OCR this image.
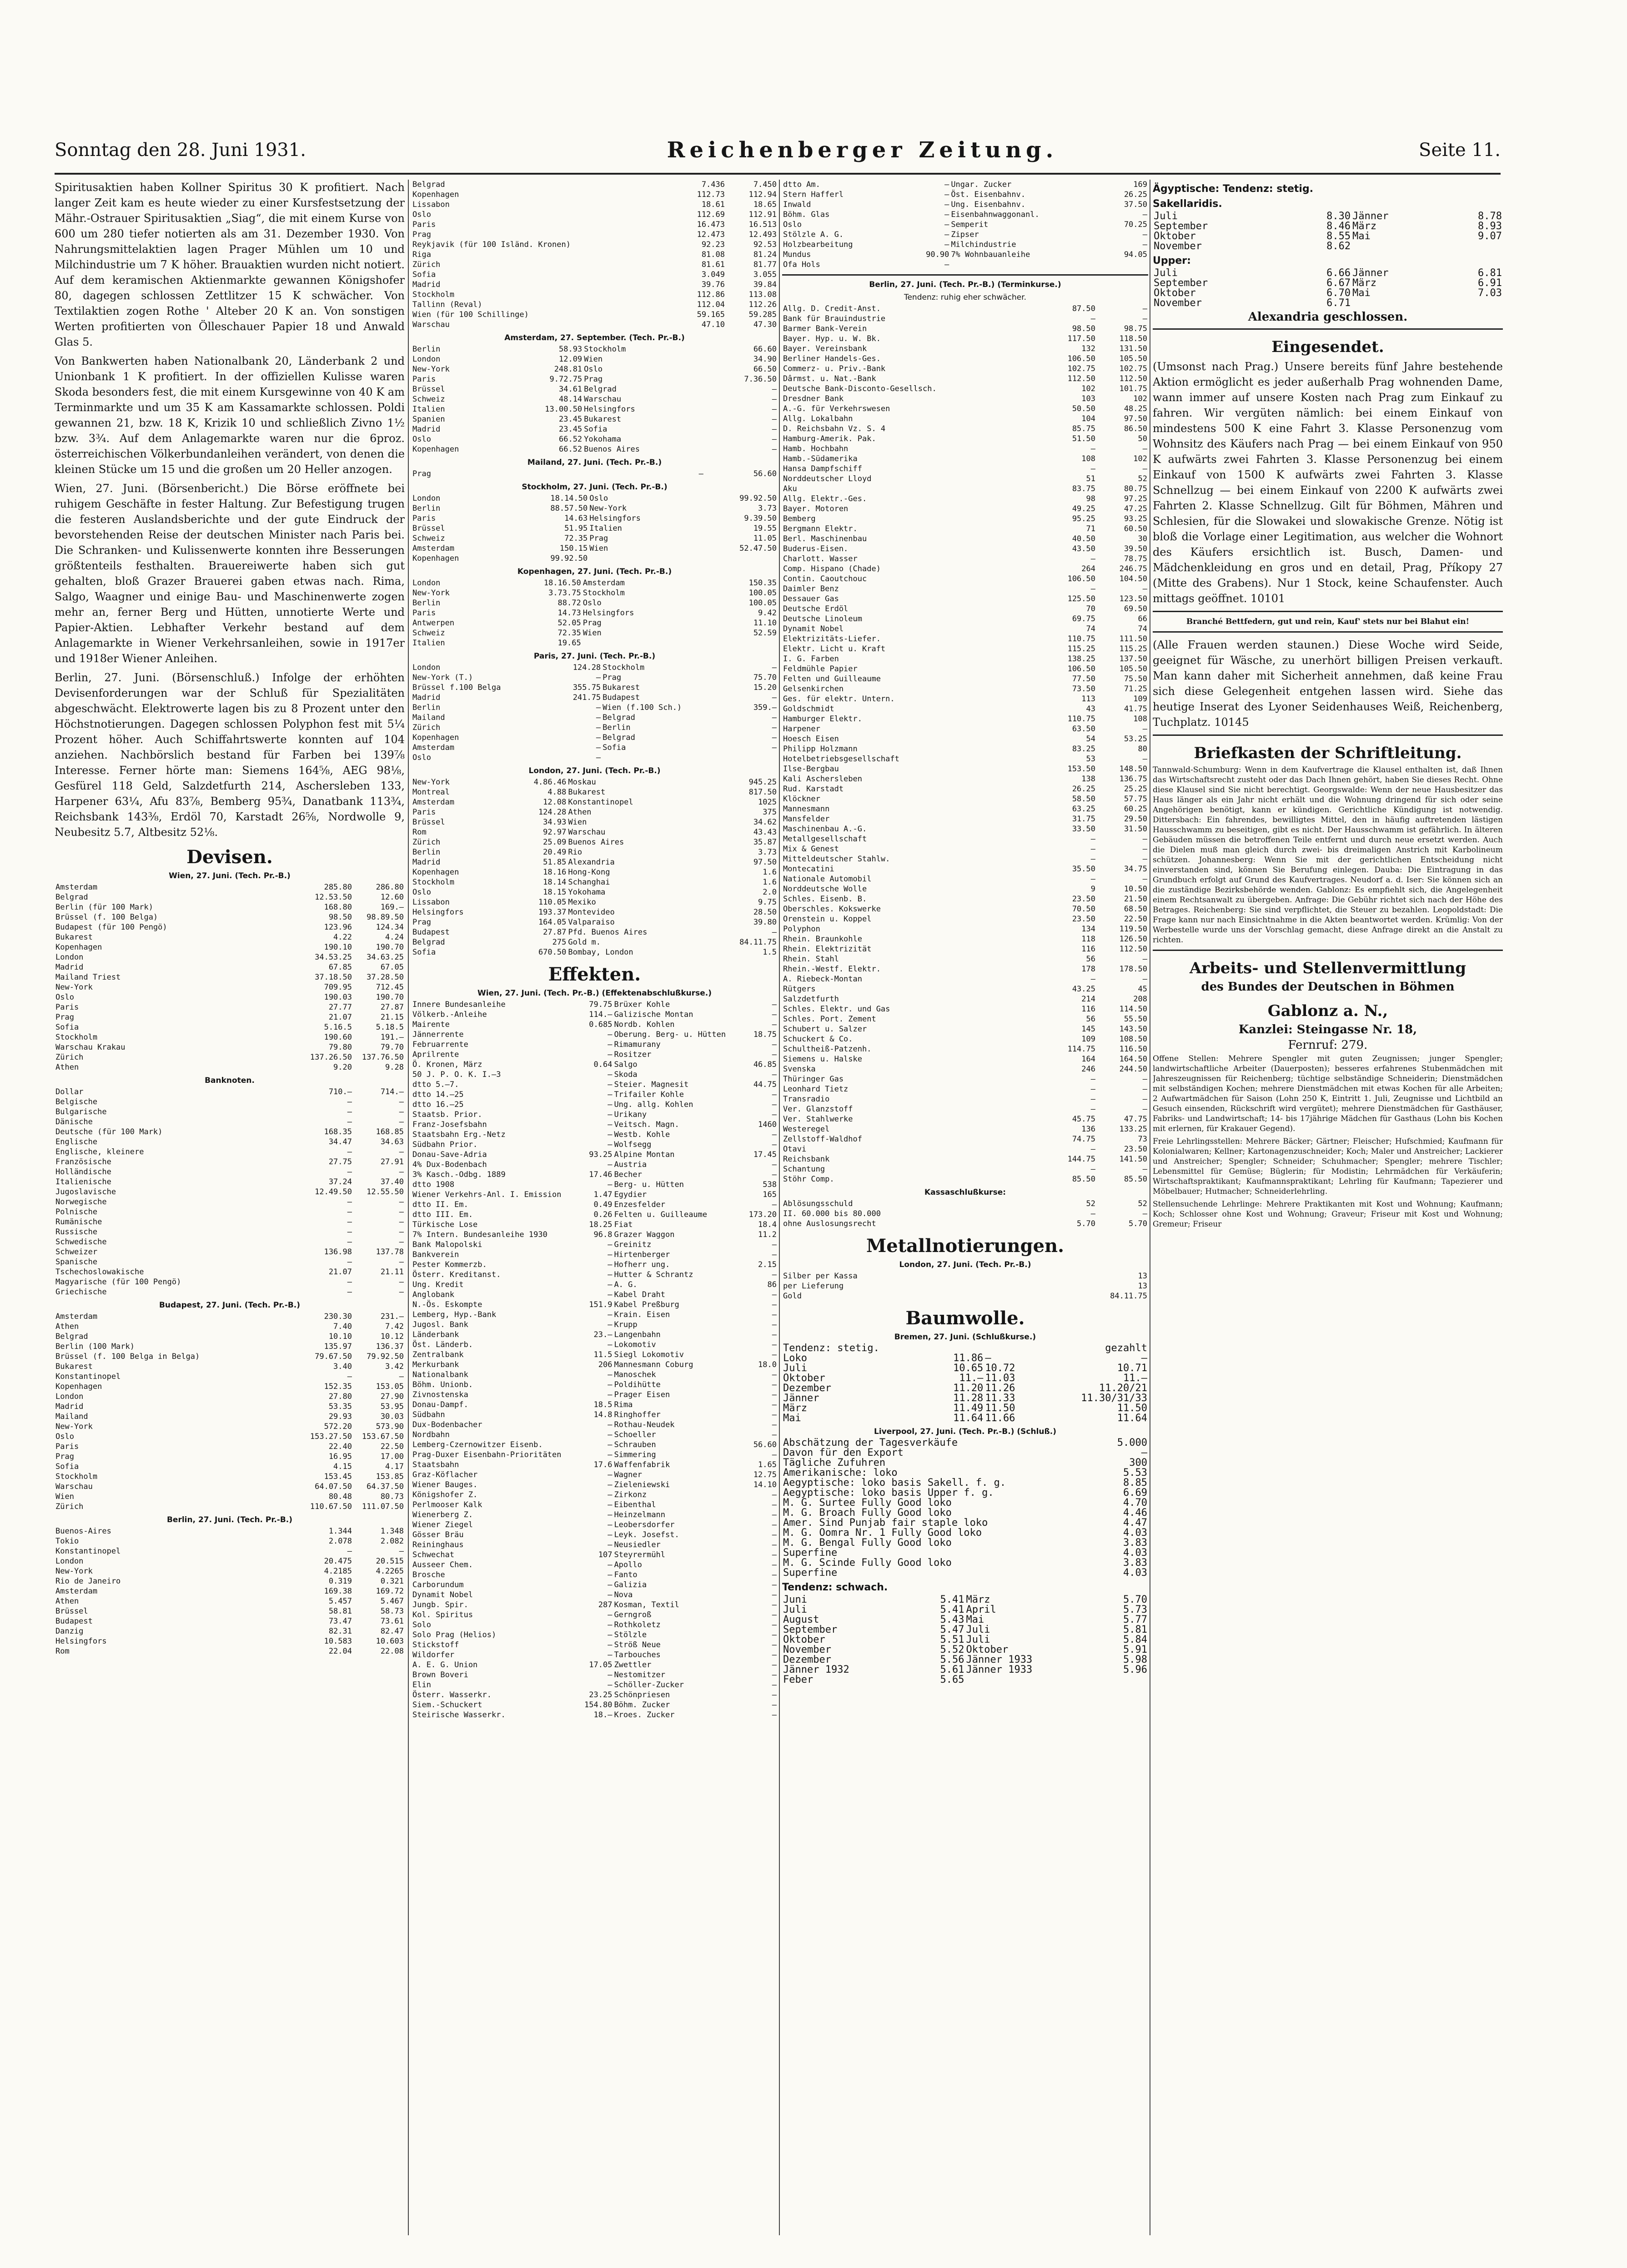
Sonntag den 28. Juni 1931.	Reichenberger Zeitung.	Seite 11.

Spiritusaktien haben Kollner Spiritus 30 K profitiert. Nach langer Zeit kam es heute wieder zu einer Kursfestsetzung der Mähr.-Ostrauer Spiritusaktien „Siag“, die mit einem Kurse von 600 um 280 tiefer notierten als am 31. Dezember 1930. Von Nahrungsmittelaktien lagen Prager Mühlen um 10 und Milchindustrie um 7 K höher. Brauaktien wurden nicht notiert. Auf dem keramischen Aktienmarkte gewannen Königshofer 80, dagegen schlossen Zettlitzer 15 K schwächer. Von Textilaktien zogen Rothe ' Alteber 20 K an. Von sonstigen Werten profitierten von Ölleschauer Papier 18 und Anwald Glas 5.

Von Bankwerten haben Nationalbank 20, Länderbank 2 und Unionbank 1 K profitiert. In der offiziellen Kulisse waren Skoda besonders fest, die mit einem Kursgewinne von 40 K am Terminmarkte und um 35 K am Kassamarkte schlossen. Poldi gewannen 21, bzw. 18 K, Krizik 10 und schließlich Zivno 1½ bzw. 3¾. Auf dem Anlagemarkte waren nur die 6proz. österreichischen Völkerbundanleihen verändert, von denen die kleinen Stücke um 15 und die großen um 20 Heller anzogen.

Wien, 27. Juni. (Börsenbericht.) Die Börse eröffnete bei ruhigem Geschäfte in fester Haltung. Zur Befestigung trugen die festeren Auslandsberichte und der gute Eindruck der bevorstehenden Reise der deutschen Minister nach Paris bei. Die Schranken- und Kulissenwerte konnten ihre Besserungen größtenteils festhalten. Brauereiwerte haben sich gut gehalten, bloß Grazer Brauerei gaben etwas nach. Rima, Salgo, Waagner und einige Bau- und Maschinenwerte zogen mehr an, ferner Berg und Hütten, unnotierte Werte und Papier-Aktien. Lebhafter Verkehr bestand auf dem Anlagemarkte in Wiener Verkehrsanleihen, sowie in 1917er und 1918er Wiener Anleihen.

Berlin, 27. Juni. (Börsenschluß.) Infolge der erhöhten Devisenforderungen war der Schluß für Spezialitäten abgeschwächt. Elektrowerte lagen bis zu 8 Prozent unter den Höchstnotierungen. Dagegen schlossen Polyphon fest mit 5¼ Prozent höher. Auch Schiffahrtswerte konnten auf 104 anziehen. Nachbörslich bestand für Farben bei 139⅞ Interesse. Ferner hörte man: Siemens 164⅝, AEG 98⅛, Gesfürel 118 Geld, Salzdetfurth 214, Aschersleben 133, Harpener 63¼, Afu 83⅞, Bemberg 95¾, Danatbank 113¾, Reichsbank 143⅜, Erdöl 70, Karstadt 26⅝, Nordwolle 9, Neubesitz 5.7, Altbesitz 52⅛.

Devisen.
Wien, 27. Juni. (Tech. Pr.-B.)
Amsterdam	285.80	286.80
Belgrad	12.53.50	12.60
Berlin (für 100 Mark)	168.80	169.—
Brüssel (f. 100 Belga)	98.50	98.89.50
Budapest (für 100 Pengö)	123.96	124.34
Bukarest	4.22	4.24
Kopenhagen	190.10	190.70
London	34.53.25	34.63.25
Madrid	67.85	67.05
Mailand Triest	37.18.50	37.28.50
New-York	709.95	712.45
Oslo	190.03	190.70
Paris	27.77	27.87
Prag	21.07	21.15
Sofia	5.16.5	5.18.5
Stockholm	190.60	191.—
Warschau Krakau	79.80	79.70
Zürich	137.26.50	137.76.50
Athen	9.20	9.28
Banknoten.
Dollar	710.—	714.—
Belgische	—	—
Bulgarische	—	—
Dänische	—	—
Deutsche (für 100 Mark)	168.35	168.85
Englische	34.47	34.63
Englische, kleinere	—	—
Französische	27.75	27.91
Holländische	—	—
Italienische	37.24	37.40
Jugoslavische	12.49.50	12.55.50
Norwegische	—	—
Polnische	—	—
Rumänische	—	—
Russische	—	—
Schwedische	—	—
Schweizer	136.98	137.78
Spanische	—	—
Tschechoslowakische	21.07	21.11
Magyarische (für 100 Pengö)	—	—
Griechische	—	—
Budapest, 27. Juni. (Tech. Pr.-B.)
Amsterdam	230.30	231.—
Athen	7.40	7.42
Belgrad	10.10	10.12
Berlin (100 Mark)	135.97	136.37
Brüssel (f. 100 Belga in Belga)	79.67.50	79.92.50
Bukarest	3.40	3.42
Konstantinopel	—	—
Kopenhagen	152.35	153.05
London	27.80	27.90
Madrid	53.35	53.95
Mailand	29.93	30.03
New-York	572.20	573.90
Oslo	153.27.50	153.67.50
Paris	22.40	22.50
Prag	16.95	17.00
Sofia	4.15	4.17
Stockholm	153.45	153.85
Warschau	64.07.50	64.37.50
Wien	80.48	80.73
Zürich	110.67.50	111.07.50
Berlin, 27. Juni. (Tech. Pr.-B.)
Buenos-Aires	1.344	1.348
Tokio	2.078	2.082
Konstantinopel	—	—
London	20.475	20.515
New-York	4.2185	4.2265
Rio de Janeiro	0.319	0.321
Amsterdam	169.38	169.72
Athen	5.457	5.467
Brüssel	58.81	58.73
Budapest	73.47	73.61
Danzig	82.31	82.47
Helsingfors	10.583	10.603
Rom	22.04	22.08
Belgrad	7.436	7.450
Kopenhagen	112.73	112.94
Lissabon	18.61	18.65
Oslo	112.69	112.91
Paris	16.473	16.513
Prag	12.473	12.493
Reykjavik (für 100 Isländ. Kronen)	92.23	92.53
Riga	81.08	81.24
Zürich	81.61	81.77
Sofia	3.049	3.055
Madrid	39.76	39.84
Stockholm	112.86	113.08
Tallinn (Reval)	112.04	112.26
Wien (für 100 Schillinge)	59.165	59.285
Warschau	47.10	47.30
Amsterdam, 27. September. (Tech. Pr.-B.)
Berlin	58.93	Stockholm	66.60
London	12.09	Wien	34.90
New-York	248.81	Oslo	66.50
Paris	9.72.75	Prag	7.36.50
Brüssel	34.61	Belgrad	—
Schweiz	48.14	Warschau	—
Italien	13.00.50	Helsingfors	—
Spanien	23.45	Bukarest	—
Madrid	23.45	Sofia	—
Oslo	66.52	Yokohama	—
Kopenhagen	66.52	Buenos Aires	—
Mailand, 27. Juni. (Tech. Pr.-B.)
Prag	—		56.60
Stockholm, 27. Juni. (Tech. Pr.-B.)
London	18.14.50	Oslo	99.92.50
Berlin	88.57.50	New-York	3.73
Paris	14.63	Helsingfors	9.39.50
Brüssel	51.95	Italien	19.55
Schweiz	72.35	Prag	11.05
Amsterdam	150.15	Wien	52.47.50
Kopenhagen	99.92.50		
Kopenhagen, 27. Juni. (Tech. Pr.-B.)
London	18.16.50	Amsterdam	150.35
New-York	3.73.75	Stockholm	100.05
Berlin	88.72	Oslo	100.05
Paris	14.73	Helsingfors	9.42
Antwerpen	52.05	Prag	11.10
Schweiz	72.35	Wien	52.59
Italien	19.65		
Paris, 27. Juni. (Tech. Pr.-B.)
London	124.28	Stockholm	—
New-York (T.)	—	Prag	75.70
Brüssel f.100 Belga	355.75	Bukarest	15.20
Madrid	241.75	Budapest	—
Berlin	—	Wien (f.100 Sch.)	359.—
Mailand	—	Belgrad	—
Zürich	—	Berlin	—
Kopenhagen	—	Belgrad	—
Amsterdam	—	Sofia	—
Oslo	—		
London, 27. Juni. (Tech. Pr.-B.)
New-York	4.86.46	Moskau	945.25
Montreal	4.88	Bukarest	817.50
Amsterdam	12.08	Konstantinopel	1025
Paris	124.28	Athen	375
Brüssel	34.93	Wien	34.62
Rom	92.97	Warschau	43.43
Zürich	25.09	Buenos Aires	35.87
Berlin	20.49	Rio	3.73
Madrid	51.85	Alexandria	97.50
Kopenhagen	18.16	Hong-Kong	1.6
Stockholm	18.14	Schanghai	1.6
Oslo	18.15	Yokohama	2.0
Lissabon	110.05	Mexiko	9.75
Helsingfors	193.37	Montevideo	28.50
Prag	164.05	Valparaiso	39.80
Budapest	27.87	Pfd. Buenos Aires	—
Belgrad	275	Gold m.	84.11.75
Sofia	670.50	Bombay, London	1.5
Effekten.
Wien, 27. Juni. (Tech. Pr.-B.) (Effektenabschlußkurse.)
Innere Bundesanleihe	79.75	Brüxer Kohle	—
Völkerb.-Anleihe	114.—	Galizische Montan	—
Mairente	0.685	Nordb. Kohlen	—
Jännerrente	—	Oberung. Berg- u. Hütten	18.75
Februarrente	—	Rimamurany	—
Aprilrente	—	Rositzer	—
Ö. Kronen, März	0.64	Salgo	46.85
50 J. P. O. K. I.—3	—	Skoda	—
dtto 5.—7.	—	Steier. Magnesit	44.75
dtto 14.—25	—	Trifailer Kohle	—
dtto 16.—25	—	Ung. allg. Kohlen	—
Staatsb. Prior.	—	Urikany	—
Franz-Josefsbahn	—	Veitsch. Magn.	1460
Staatsbahn Erg.-Netz	—	Westb. Kohle	—
Südbahn Prior.	—	Wolfsegg	—
Donau-Save-Adria	93.25	Alpine Montan	17.45
4% Dux-Bodenbach	—	Austria	—
3% Kasch.-Odbg. 1889	17.46	Becher	—
dtto 1908	—	Berg- u. Hütten	538
Wiener Verkehrs-Anl. I. Emission	1.47	Egydier	165
dtto II. Em.	0.49	Enzesfelder	—
dtto III. Em.	0.26	Felten u. Guilleaume	173.20
Türkische Lose	18.25	Fiat	18.4
7% Intern. Bundesanleihe 1930	96.8	Grazer Waggon	11.2
Bank Malopolski	—	Greinitz	—
Bankverein	—	Hirtenberger	—
Pester Kommerzb.	—	Hofherr ung.	2.15
Österr. Kreditanst.	—	Hutter & Schrantz	—
Ung. Kredit	—	A. G.	86
Anglobank	—	Kabel Draht	—
N.-Ös. Eskompte	151.9	Kabel Preßburg	—
Lemberg, Hyp.-Bank	—	Krain. Eisen	—
Jugosl. Bank	—	Krupp	—
Länderbank	23.—	Langenbahn	—
Öst. Länderb.	—	Lokomotiv	—
Zentralbank	11.5	Siegl Lokomotiv	—
Merkurbank	206	Mannesmann Coburg	18.0
Nationalbank	—	Manoschek	—
Böhm. Unionb.	—	Poldihütte	—
Zivnostenska	—	Prager Eisen	—
Donau-Dampf.	18.5	Rima	—
Südbahn	14.8	Ringhoffer	—
Dux-Bodenbacher	—	Rothau-Neudek	—
Nordbahn	—	Schoeller	—
Lemberg-Czernowitzer Eisenb.	—	Schrauben	56.60
Prag-Duxer Eisenbahn-Prioritäten	—	Simmering	—
Staatsbahn	17.6	Waffenfabrik	1.65
Graz-Köflacher	—	Wagner	12.75
Wiener Bauges.	—	Zieleniewski	14.10
Königshofer Z.	—	Zirkonz	—
Perlmooser Kalk	—	Eibenthal	—
Wienerberg Z.	—	Heinzelmann	—
Wiener Ziegel	—	Leobersdorfer	—
Gösser Bräu	—	Leyk. Josefst.	—
Reininghaus	—	Neusiedler	—
Schwechat	107	Steyrermühl	—
Ausseer Chem.	—	Apollo	—
Brosche	—	Fanto	—
Carborundum	—	Galizia	—
Dynamit Nobel	—	Nova	—
Jungb. Spir.	287	Kosman, Textil	—
Kol. Spiritus	—	Gerngroß	—
Solo	—	Rothkoletz	—
Solo Prag (Helios)	—	Stölzle	—
Stickstoff	—	Ströß Neue	—
Wildorfer	—	Tarbouches	—
A. E. G. Union	17.05	Zwettler	—
Brown Boveri	—	Nestomitzer	—
Elin	—	Schöller-Zucker	—
Österr. Wasserkr.	23.25	Schönpriesen	—
Siem.-Schuckert	154.80	Böhm. Zucker	—
Steirische Wasserkr.	18.—	Kroes. Zucker	—
dtto Am.	—	Ungar. Zucker	169
Stern Hafferl	—	Öst. Eisenbahnv.	26.25
Inwald	—	Ung. Eisenbahnv.	37.50
Böhm. Glas	—	Eisenbahnwaggonanl.	—
Oslo	—	Semperit	70.25
Stölzle A. G.	—	Zipser	—
Holzbearbeitung	—	Milchindustrie	—
Mundus	90.90	7% Wohnbauanleihe	94.05
Ofa Hols	—		
Berlin, 27. Juni. (Tech. Pr.-B.) (Terminkurse.)
Tendenz: ruhig eher schwächer.
Allg. D. Credit-Anst.	87.50	—
Bank für Brauindustrie	—	—
Barmer Bank-Verein	98.50	98.75
Bayer. Hyp. u. W. Bk.	117.50	118.50
Bayer. Vereinsbank	132	131.50
Berliner Handels-Ges.	106.50	105.50
Commerz- u. Priv.-Bank	102.75	102.75
Dârmst. u. Nat.-Bank	112.50	112.50
Deutsche Bank-Disconto-Gesellsch.	102	101.75
Dresdner Bank	103	102
A.-G. für Verkehrswesen	50.50	48.25
Allg. Lokalbahn	104	97.50
D. Reichsbahn Vz. S. 4	85.75	86.50
Hamburg-Amerik. Pak.	51.50	50
Hamb. Hochbahn	—	—
Hamb.-Südamerika	108	102
Hansa Dampfschiff	—	—
Norddeutscher Lloyd	51	52
Aku	83.75	80.75
Allg. Elektr.-Ges.	98	97.25
Bayer. Motoren	49.25	47.25
Bemberg	95.25	93.25
Bergmann Elektr.	71	60.50
Berl. Maschinenbau	40.50	30
Buderus-Eisen.	43.50	39.50
Charlott. Wasser	—	78.75
Comp. Hispano (Chade)	264	246.75
Contin. Caoutchouc	106.50	104.50
Daimler Benz	—	—
Dessauer Gas	125.50	123.50
Deutsche Erdöl	70	69.50
Deutsche Linoleum	69.75	66
Dynamit Nobel	74	74
Elektrizitäts-Liefer.	110.75	111.50
Elektr. Licht u. Kraft	115.25	115.25
I. G. Farben	138.25	137.50
Feldmühle Papier	106.50	105.50
Felten und Guilleaume	77.50	75.50
Gelsenkirchen	73.50	71.25
Ges. für elektr. Untern.	113	109
Goldschmidt	43	41.75
Hamburger Elektr.	110.75	108
Harpener	63.50	—
Hoesch Eisen	54	53.25
Philipp Holzmann	83.25	80
Hotelbetriebsgesellschaft	53	—
Ilse-Bergbau	153.50	148.50
Kali Aschersleben	138	136.75
Rud. Karstadt	26.25	25.25
Klöckner	58.50	57.75
Mannesmann	63.25	60.25
Mansfelder	31.75	29.50
Maschinenbau A.-G.	33.50	31.50
Metallgesellschaft	—	—
Mix & Genest	—	—
Mitteldeutscher Stahlw.	—	—
Montecatini	35.50	34.75
Nationale Automobil	—	—
Norddeutsche Wolle	9	10.50
Schles. Eisenb. B.	23.50	21.50
Oberschles. Kokswerke	70.50	68.50
Orenstein u. Koppel	23.50	22.50
Polyphon	134	119.50
Rhein. Braunkohle	118	126.50
Rhein. Elektrizität	116	112.50
Rhein. Stahl	56	—
Rhein.-Westf. Elektr.	178	178.50
A. Riebeck-Montan	—	—
Rütgers	43.25	45
Salzdetfurth	214	208
Schles. Elektr. und Gas	116	114.50
Schles. Port. Zement	56	55.50
Schubert u. Salzer	145	143.50
Schuckert & Co.	109	108.50
Schultheiß-Patzenh.	114.75	116.50
Siemens u. Halske	164	164.50
Svenska	246	244.50
Thüringer Gas	—	—
Leonhard Tietz	—	—
Transradio	—	—
Ver. Glanzstoff	—	—
Ver. Stahlwerke	45.75	47.75
Westeregel	136	133.25
Zellstoff-Waldhof	74.75	73
Otavi	—	23.50
Reichsbank	144.75	141.50
Schantung	—	—
Stöhr Comp.	85.50	85.50
Kassaschlußkurse:
Ablösungsschuld	52	52
II. 60.000 bis 80.000	—	—
ohne Auslosungsrecht	5.70	5.70
Metallnotierungen.
London, 27. Juni. (Tech. Pr.-B.)
Silber per Kassa	13
per Lieferung	13
Gold	84.11.75
Baumwolle.
Bremen, 27. Juni. (Schlußkurse.)
Tendenz: stetig.			gezahlt
Loko	11.86	—	—
Juli	10.65	10.72	10.71
Oktober	11.—	11.03	11.—
Dezember	11.20	11.26	11.20/21
Jänner	11.28	11.33	11.30/31/33
März	11.49	11.50	11.50
Mai	11.64	11.66	11.64
Liverpool, 27. Juni. (Tech. Pr.-B.) (Schluß.)
Abschätzung der Tagesverkäufe	5.000
Davon für den Export	—
Tägliche Zufuhren	300
Amerikanische: loko	5.53
Aegyptische: loko basis Sakell. f. g.	8.85
Aegyptische: loko basis Upper f. g.	6.69
M. G. Surtee Fully Good loko	4.70
M. G. Broach Fully Good loko	4.46
Amer. Sind Punjab fair staple loko	4.47
M. G. Oomra Nr. 1 Fully Good loko	4.03
M. G. Bengal Fully Good loko	3.83
Superfine	4.03
M. G. Scinde Fully Good loko	3.83
Superfine	4.03
Tendenz: schwach.
Juni	5.41	März	5.70
Juli	5.41	April	5.73
August	5.43	Mai	5.77
September	5.47	Juli	5.81
Oktober	5.51	Juli	5.84
November	5.52	Oktober	5.91
Dezember	5.56	Jänner 1933	5.98
Jänner 1932	5.61	Jänner 1933	5.96
Feber	5.65		
Ägyptische: Tendenz: stetig.
Sakellaridis.
Juli	8.30	Jänner	8.78
September	8.46	März	8.93
Oktober	8.55	Mai	9.07
November	8.62		
Upper:
Juli	6.66	Jänner	6.81
September	6.67	März	6.91
Oktober	6.70	Mai	7.03
November	6.71		
Alexandria geschlossen.
Eingesendet.

(Umsonst nach Prag.) Unsere bereits fünf Jahre bestehende Aktion ermöglicht es jeder außerhalb Prag wohnenden Dame, wann immer auf unsere Kosten nach Prag zum Einkauf zu fahren. Wir vergüten nämlich: bei einem Einkauf von mindestens 500 K eine Fahrt 3. Klasse Personenzug vom Wohnsitz des Käufers nach Prag — bei einem Einkauf von 950 K aufwärts zwei Fahrten 3. Klasse Personenzug bei einem Einkauf von 1500 K aufwärts zwei Fahrten 3. Klasse Schnellzug — bei einem Einkauf von 2200 K aufwärts zwei Fahrten 2. Klasse Schnellzug. Gilt für Böhmen, Mähren und Schlesien, für die Slowakei und slowakische Grenze. Nötig ist bloß die Vorlage einer Legitimation, aus welcher die Wohnort des Käufers ersichtlich ist. Busch, Damen- und Mädchenkleidung en gros und en detail, Prag, Příkopy 27 (Mitte des Grabens). Nur 1 Stock, keine Schaufenster. Auch mittags geöffnet. 10101

Branché Bettfedern, gut und rein, Kauf' stets nur bei Blahut ein!

(Alle Frauen werden staunen.) Diese Woche wird Seide, geeignet für Wäsche, zu unerhört billigen Preisen verkauft. Man kann daher mit Sicherheit annehmen, daß keine Frau sich diese Gelegenheit entgehen lassen wird. Siehe das heutige Inserat des Lyoner Seidenhauses Weiß, Reichenberg, Tuchplatz. 10145

Briefkasten der Schriftleitung.

Tannwald-Schumburg: Wenn in dem Kaufvertrage die Klausel enthalten ist, daß Ihnen das Wirtschaftsrecht zusteht oder das Dach Ihnen gehört, haben Sie dieses Recht. Ohne diese Klausel sind Sie nicht berechtigt. Georgswalde: Wenn der neue Hausbesitzer das Haus länger als ein Jahr nicht erhält und die Wohnung dringend für sich oder seine Angehörigen benötigt, kann er kündigen. Gerichtliche Kündigung ist notwendig. Dittersbach: Ein fahrendes, bewilligtes Mittel, den in häufig auftretenden lästigen Hausschwamm zu beseitigen, gibt es nicht. Der Hausschwamm ist gefährlich. In älteren Gebäuden müssen die betroffenen Teile entfernt und durch neue ersetzt werden. Auch die Dielen muß man gleich durch zwei- bis dreimaligen Anstrich mit Karbolineum schützen. Johannesberg: Wenn Sie mit der gerichtlichen Entscheidung nicht einverstanden sind, können Sie Berufung einlegen. Dauba: Die Eintragung in das Grundbuch erfolgt auf Grund des Kaufvertrages. Neudorf a. d. Iser: Sie können sich an die zuständige Bezirksbehörde wenden. Gablonz: Es empfiehlt sich, die Angelegenheit einem Rechtsanwalt zu übergeben. Anfrage: Die Gebühr richtet sich nach der Höhe des Betrages. Reichenberg: Sie sind verpflichtet, die Steuer zu bezahlen. Leopoldstadt: Die Frage kann nur nach Einsichtnahme in die Akten beantwortet werden. Krümlig: Von der Werbestelle wurde uns der Vorschlag gemacht, diese Anfrage direkt an die Anstalt zu richten.

Arbeits- und Stellenvermittlung
des Bundes der Deutschen in Böhmen
Gablonz a. N.,
Kanzlei: Steingasse Nr. 18,
Fernruf: 279.

Offene Stellen: Mehrere Spengler mit guten Zeugnissen; junger Spengler; landwirtschaftliche Arbeiter (Dauerposten); besseres erfahrenes Stubenmädchen mit Jahreszeugnissen für Reichenberg; tüchtige selbständige Schneiderin; Dienstmädchen mit selbständigen Kochen; mehrere Dienstmädchen mit etwas Kochen für alle Arbeiten; 2 Aufwartmädchen für Saison (Lohn 250 K, Eintritt 1. Juli, Zeugnisse und Lichtbild an Gesuch einsenden, Rückschrift wird vergütet); mehrere Dienstmädchen für Gasthäuser, Fabriks- und Landwirtschaft; 14- bis 17jährige Mädchen für Gasthaus (Lohn bis Kochen mit erlernen, für Krakauer Gegend).

Freie Lehrlingsstellen: Mehrere Bäcker; Gärtner; Fleischer; Hufschmied; Kaufmann für Kolonialwaren; Kellner; Kartonagenzuschneider; Koch; Maler und Anstreicher; Lackierer und Anstreicher; Spengler; Schneider; Schuhmacher; Spengler; mehrere Tischler; Lebensmittel für Gemüse; Büglerin; für Modistin; Lehrmädchen für Verkäuferin; Wirtschaftspraktikant; Kaufmannspraktikant; Lehrling für Kaufmann; Tapezierer und Möbelbauer; Hutmacher; Schneiderlehrling.

Stellensuchende Lehrlinge: Mehrere Praktikanten mit Kost und Wohnung; Kaufmann; Koch; Schlosser ohne Kost und Wohnung; Graveur; Friseur mit Kost und Wohnung; Gremeur; Friseur
